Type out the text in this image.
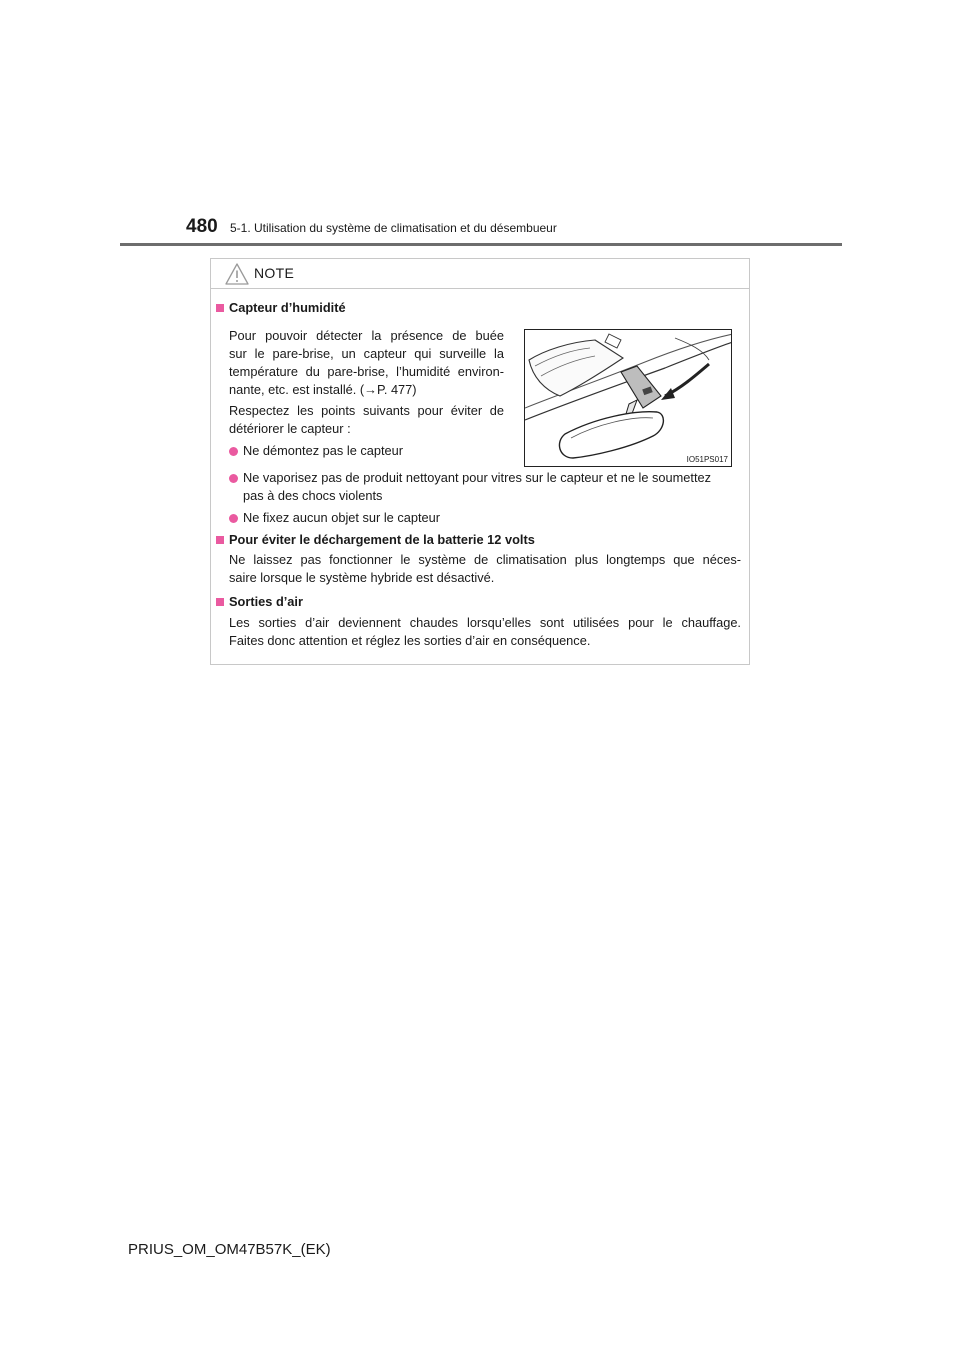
480 5-1. Utilisation du système de climatisation et du désembueur
NOTE
Capteur d’humidité
Pour pouvoir détecter la présence de buée
sur le pare-brise, un capteur qui surveille la
température du pare-brise, l’humidité environ-
nante, etc. est installé. (→P. 477)
Respectez les points suivants pour éviter de
détériorer le capteur :
Ne démontez pas le capteur
Ne vaporisez pas de produit nettoyant pour vitres sur le capteur et ne le soumettez
pas à des chocs violents
Ne fixez aucun objet sur le capteur
IO51PS017
Pour éviter le déchargement de la batterie 12 volts
Ne laissez pas fonctionner le système de climatisation plus longtemps que néces-
saire lorsque le système hybride est désactivé.
Sorties d’air
Les sorties d’air deviennent chaudes lorsqu’elles sont utilisées pour le chauffage.
Faites donc attention et réglez les sorties d’air en conséquence.
PRIUS_OM_OM47B57K_(EK)
